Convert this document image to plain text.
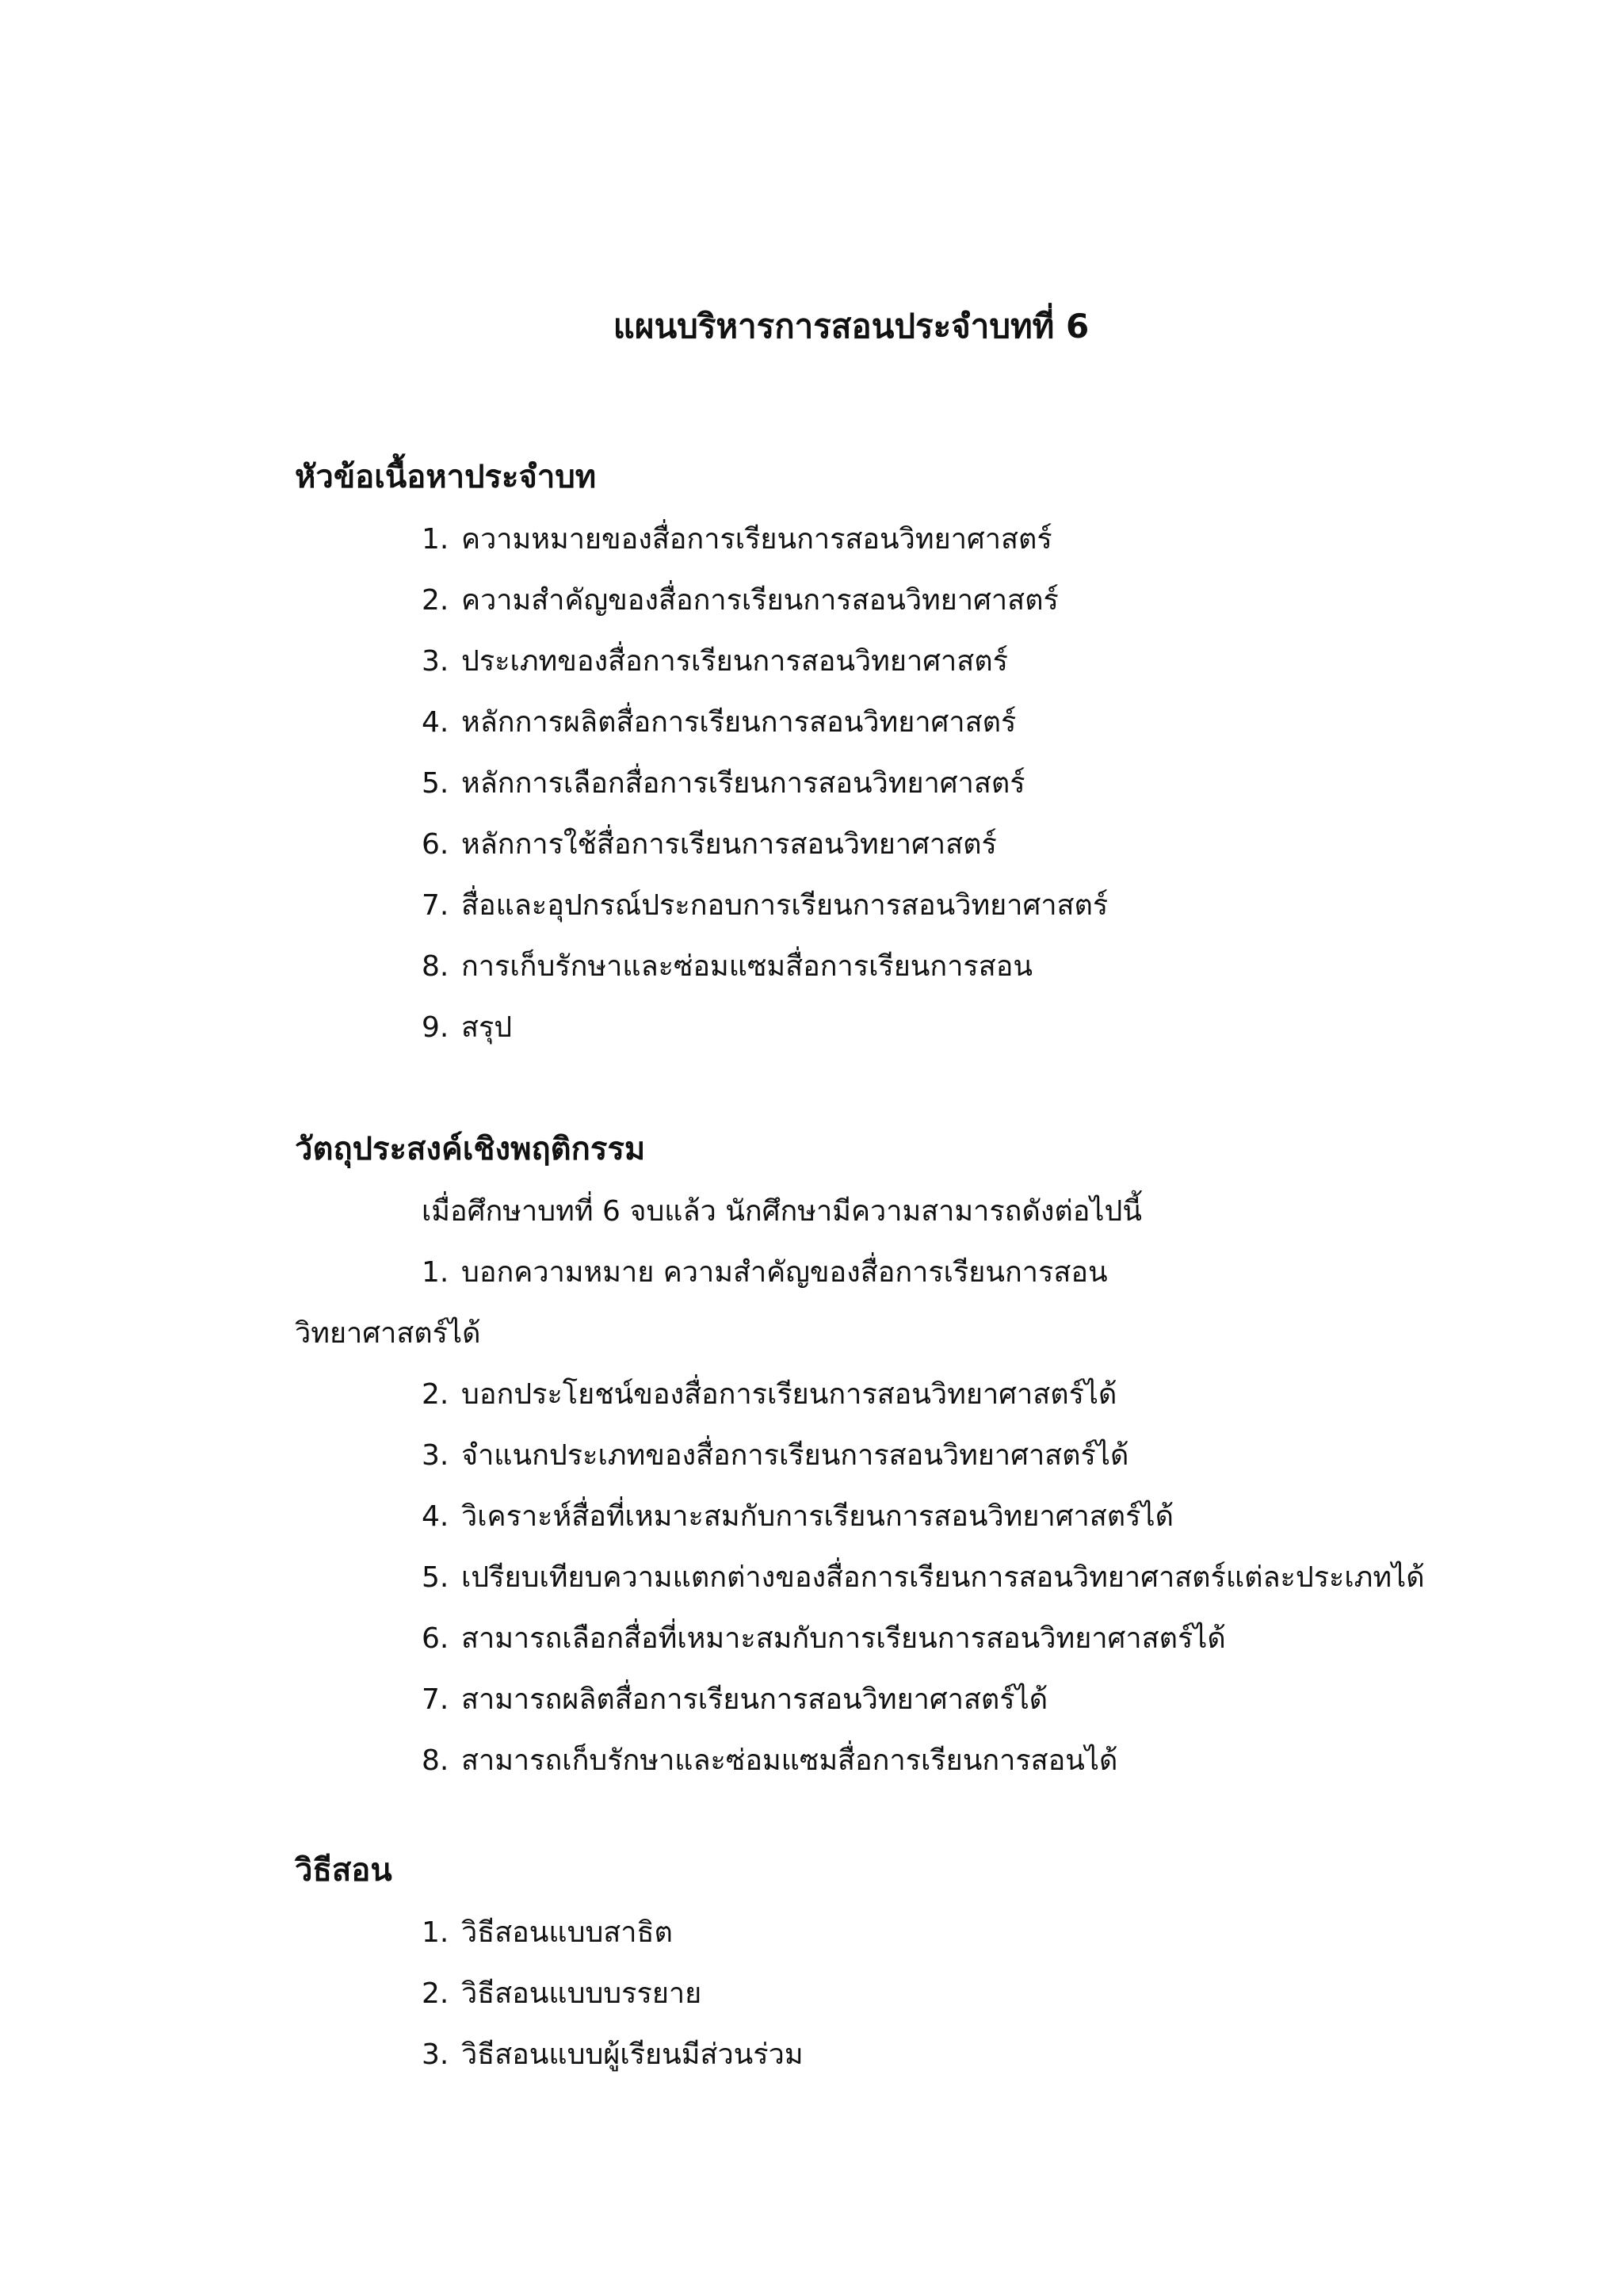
แผนบริหารการสอนประจำบทที่ 6
หัวข้อเนื้อหาประจำบท
1. ความหมายของสื่อการเรียนการสอนวิทยาศาสตร์
2. ความสำคัญของสื่อการเรียนการสอนวิทยาศาสตร์
3. ประเภทของสื่อการเรียนการสอนวิทยาศาสตร์
4. หลักการผลิตสื่อการเรียนการสอนวิทยาศาสตร์
5. หลักการเลือกสื่อการเรียนการสอนวิทยาศาสตร์
6. หลักการใช้สื่อการเรียนการสอนวิทยาศาสตร์
7. สื่อและอุปกรณ์ประกอบการเรียนการสอนวิทยาศาสตร์
8. การเก็บรักษาและซ่อมแซมสื่อการเรียนการสอน
9. สรุป
วัตถุประสงค์เชิงพฤติกรรม
เมื่อศึกษาบทที่ 6 จบแล้ว นักศึกษามีความสามารถดังต่อไปนี้
1. บอกความหมาย ความสำคัญของสื่อการเรียนการสอน
วิทยาศาสตร์ได้
2. บอกประโยชน์ของสื่อการเรียนการสอนวิทยาศาสตร์ได้
3. จำแนกประเภทของสื่อการเรียนการสอนวิทยาศาสตร์ได้
4. วิเคราะห์สื่อที่เหมาะสมกับการเรียนการสอนวิทยาศาสตร์ได้
5. เปรียบเทียบความแตกต่างของสื่อการเรียนการสอนวิทยาศาสตร์แต่ละประเภทได้
6. สามารถเลือกสื่อที่เหมาะสมกับการเรียนการสอนวิทยาศาสตร์ได้
7. สามารถผลิตสื่อการเรียนการสอนวิทยาศาสตร์ได้
8. สามารถเก็บรักษาและซ่อมแซมสื่อการเรียนการสอนได้
วิธีสอน
1. วิธีสอนแบบสาธิต
2. วิธีสอนแบบบรรยาย
3. วิธีสอนแบบผู้เรียนมีส่วนร่วม
